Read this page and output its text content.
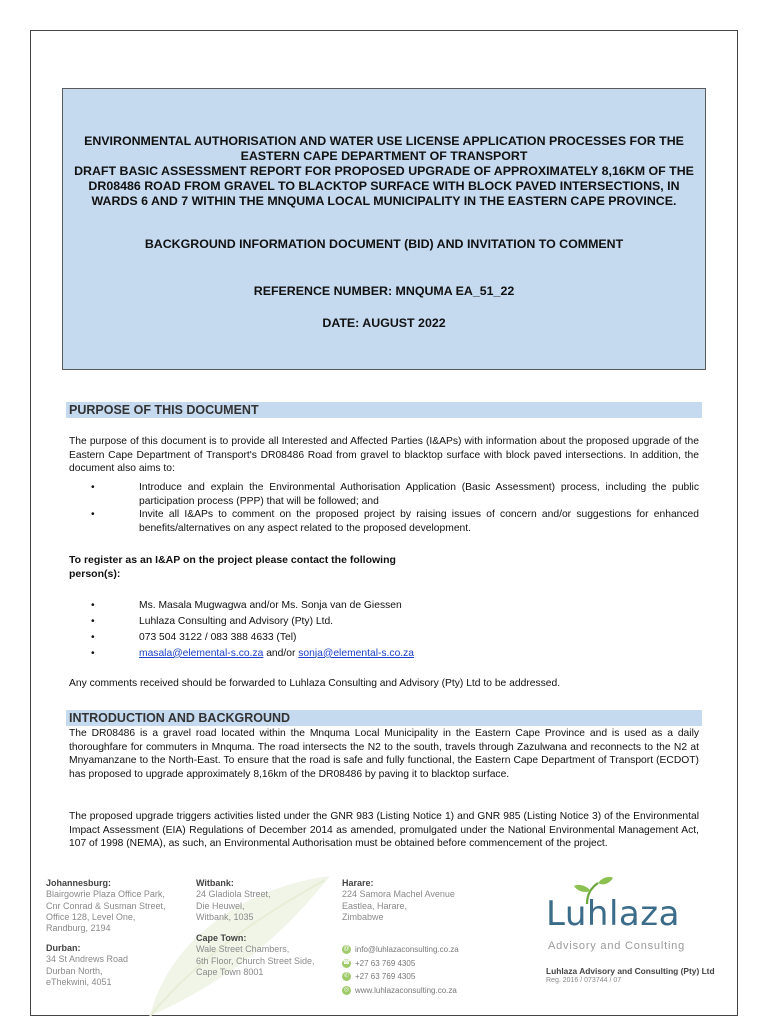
ENVIRONMENTAL AUTHORISATION AND WATER USE LICENSE APPLICATION PROCESSES FOR THE EASTERN CAPE DEPARTMENT OF TRANSPORT
DRAFT BASIC ASSESSMENT REPORT FOR PROPOSED UPGRADE OF APPROXIMATELY 8,16KM OF THE DR08486 ROAD FROM GRAVEL TO BLACKTOP SURFACE WITH BLOCK PAVED INTERSECTIONS, IN WARDS 6 AND 7 WITHIN THE MNQUMA LOCAL MUNICIPALITY IN THE EASTERN CAPE PROVINCE.
BACKGROUND INFORMATION DOCUMENT (BID) AND INVITATION TO COMMENT
REFERENCE NUMBER: MNQUMA EA_51_22
DATE: AUGUST 2022
PURPOSE OF THIS DOCUMENT
The purpose of this document is to provide all Interested and Affected Parties (I&APs) with information about the proposed upgrade of the Eastern Cape Department of Transport's DR08486 Road from gravel to blacktop surface with block paved intersections. In addition, the document also aims to:
•	Introduce and explain the Environmental Authorisation Application (Basic Assessment) process, including the public participation process (PPP) that will be followed; and
•	Invite all I&APs to comment on the proposed project by raising issues of concern and/or suggestions for enhanced benefits/alternatives on any aspect related to the proposed development.
To register as an I&AP on the project please contact the following person(s):
•	Ms. Masala Mugwagwa and/or Ms. Sonja van de Giessen
•	Luhlaza Consulting and Advisory (Pty) Ltd.
•	073 504 3122 / 083 388 4633 (Tel)
•	masala@elemental-s.co.za and/or sonja@elemental-s.co.za
Any comments received should be forwarded to Luhlaza Consulting and Advisory (Pty) Ltd to be addressed.
INTRODUCTION AND BACKGROUND
The DR08486 is a gravel road located within the Mnquma Local Municipality in the Eastern Cape Province and is used as a daily thoroughfare for commuters in Mnquma. The road intersects the N2 to the south, travels through Zazulwana and reconnects to the N2 at Mnyamanzane to the North-East. To ensure that the road is safe and fully functional, the Eastern Cape Department of Transport (ECDOT) has proposed to upgrade approximately 8,16km of the DR08486 by paving it to blacktop surface.
The proposed upgrade triggers activities listed under the GNR 983 (Listing Notice 1) and GNR 985 (Listing Notice 3) of the Environmental Impact Assessment (EIA) Regulations of December 2014 as amended, promulgated under the National Environmental Management Act, 107 of 1998 (NEMA), as such, an Environmental Authorisation must be obtained before commencement of the project.
Johannesburg:
Blairgowrie Plaza Office Park,
Cnr Conrad & Susman Street,
Office 128, Level One,
Randburg, 2194
Durban:
34 St Andrews Road
Durban North,
eThekwini, 4051
Witbank:
24 Gladiola Street,
Die Heuwel,
Witbank, 1035
Cape Town:
Wale Street Chambers,
6th Floor, Church Street Side,
Cape Town 8001
Harare:
224 Samora Machel Avenue
Eastlea, Harare,
Zimbabwe
@ info@luhlazaconsulting.co.za
☎ +27 63 769 4305
✆ +27 63 769 4305
◎ www.luhlazaconsulting.co.za
Luhlaza
Advisory and Consulting
Luhlaza Advisory and Consulting (Pty) Ltd
Reg. 2016 / 073744 / 07
